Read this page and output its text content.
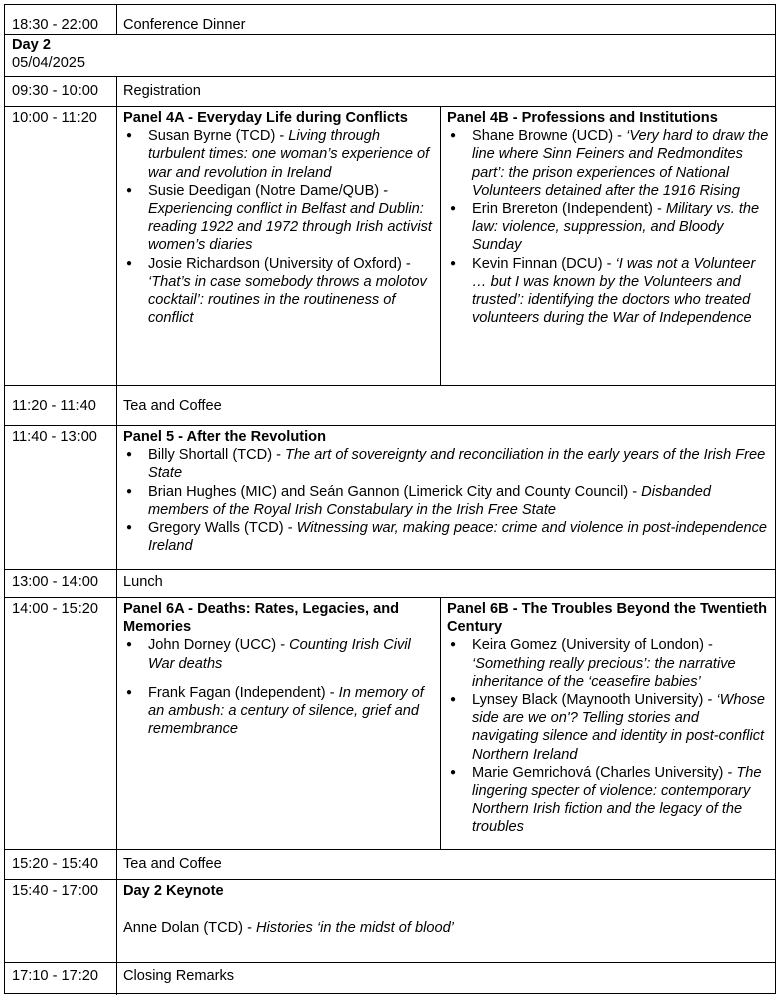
18:30 - 22:00 Conference Dinner
Day 2
05/04/2025
09:30 - 10:00 Registration
10:00 - 11:20 Panel 4A - Everyday Life during Conflicts
● Susan Byrne (TCD) - Living through turbulent times: one woman’s experience of war and revolution in Ireland
● Susie Deedigan (Notre Dame/QUB) - Experiencing conflict in Belfast and Dublin: reading 1922 and 1972 through Irish activist women’s diaries
● Josie Richardson (University of Oxford) - ‘That’s in case somebody throws a molotov cocktail’: routines in the routineness of conflict
Panel 4B - Professions and Institutions
● Shane Browne (UCD) - ‘Very hard to draw the line where Sinn Feiners and Redmondites part’: the prison experiences of National Volunteers detained after the 1916 Rising
● Erin Brereton (Independent) - Military vs. the law: violence, suppression, and Bloody Sunday
● Kevin Finnan (DCU) - ‘I was not a Volunteer … but I was known by the Volunteers and trusted’: identifying the doctors who treated volunteers during the War of Independence
11:20 - 11:40 Tea and Coffee
11:40 - 13:00 Panel 5 - After the Revolution
● Billy Shortall (TCD) - The art of sovereignty and reconciliation in the early years of the Irish Free State
● Brian Hughes (MIC) and Seán Gannon (Limerick City and County Council) - Disbanded members of the Royal Irish Constabulary in the Irish Free State
● Gregory Walls (TCD) - Witnessing war, making peace: crime and violence in post-independence Ireland
13:00 - 14:00 Lunch
14:00 - 15:20 Panel 6A - Deaths: Rates, Legacies, and Memories
● John Dorney (UCC) - Counting Irish Civil War deaths
● Frank Fagan (Independent) - In memory of an ambush: a century of silence, grief and remembrance
Panel 6B - The Troubles Beyond the Twentieth Century
● Keira Gomez (University of London) - ‘Something really precious’: the narrative inheritance of the ‘ceasefire babies’
● Lynsey Black (Maynooth University) - ‘Whose side are we on'? Telling stories and navigating silence and identity in post-conflict Northern Ireland
● Marie Gemrichová (Charles University) - The lingering specter of violence: contemporary Northern Irish fiction and the legacy of the troubles
15:20 - 15:40 Tea and Coffee
15:40 - 17:00 Day 2 Keynote
Anne Dolan (TCD) - Histories ‘in the midst of blood’
17:10 - 17:20 Closing Remarks
